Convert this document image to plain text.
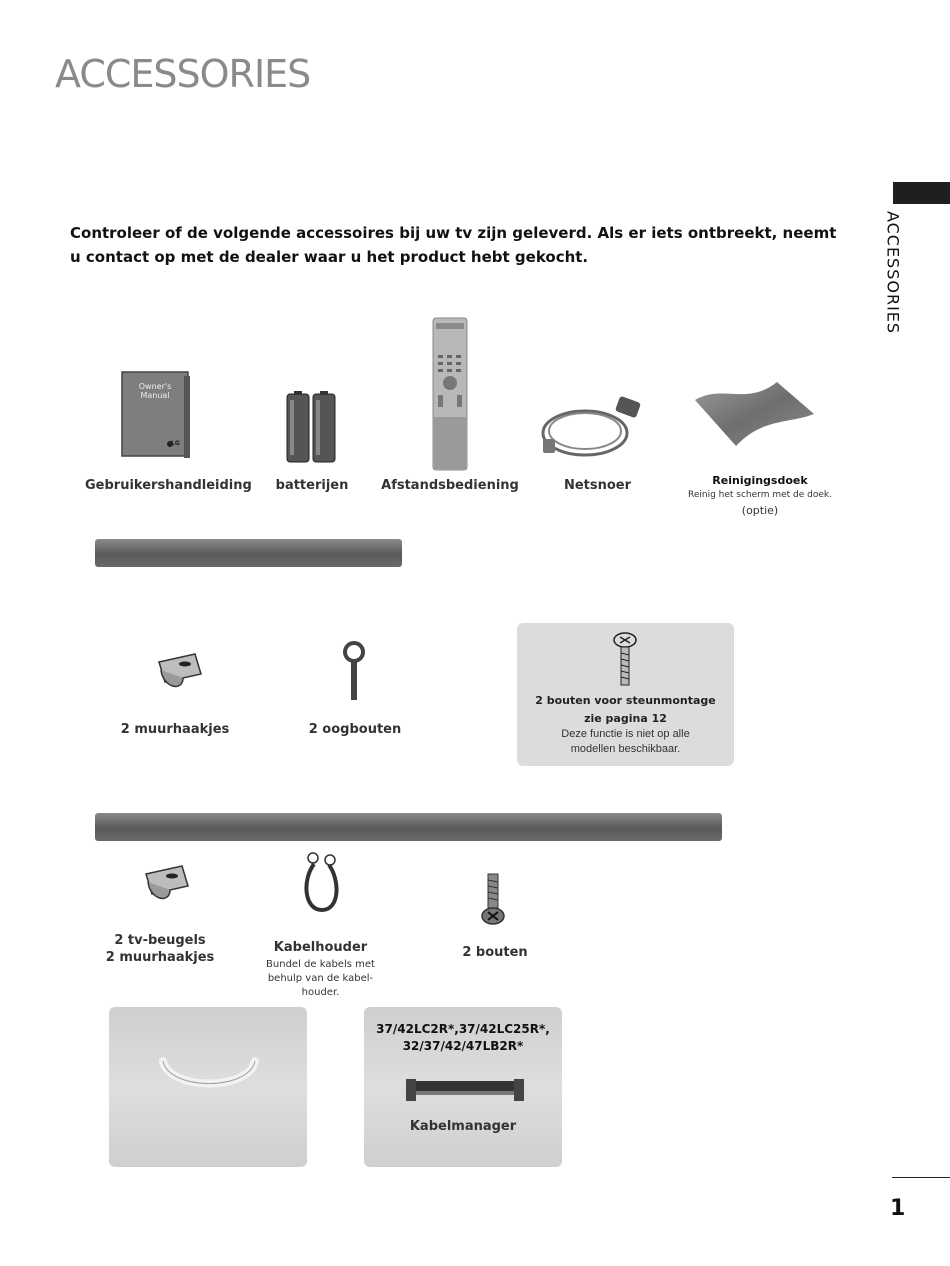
ACCESSORIES
ACCESSORIES

Controleer of de volgende accessoires bij uw tv zijn geleverd. Als er iets ontbreekt, neemt u contact op met de dealer waar u het product hebt gekocht.

Owner's Manual
LG
Gebruikershandleiding	batterijen	Afstandsbediening	Netsnoer	Reinigingsdoek
Reinig het scherm met de doek.
(optie)
2 muurhaakjes	2 oogbouten
2 bouten voor steunmontage
zie pagina 12
Deze functie is niet op alle
modellen beschikbaar.
2 tv-beugels
2 muurhaakjes
Kabelhouder
Bundel de kabels met
behulp van de kabel-
houder.
2 bouten
37/42LC2R*,37/42LC25R*,
32/37/42/47LB2R*
Kabelmanager
1
